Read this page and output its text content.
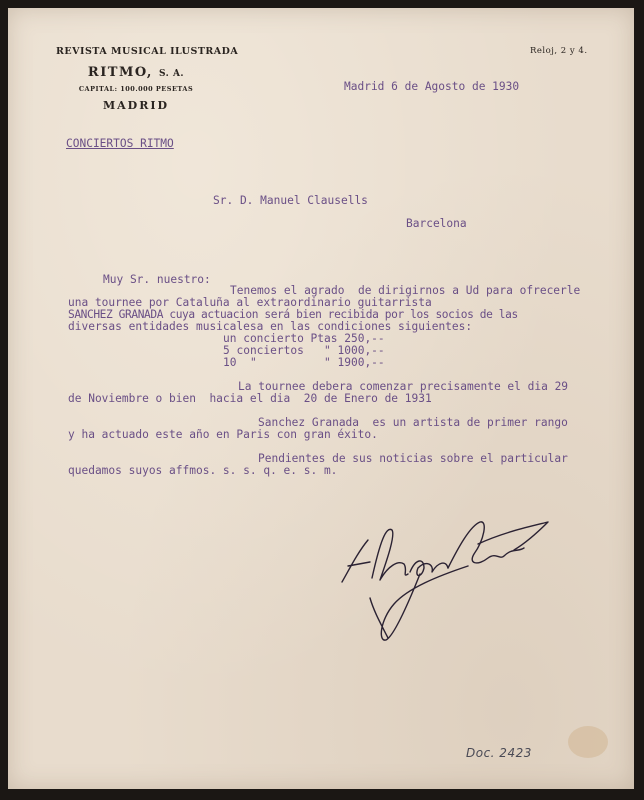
REVISTA MUSICAL ILUSTRADA
RITMO, S. A.
CAPITAL: 100.000 PESETAS
MADRID
Reloj, 2 y 4.
Madrid 6 de Agosto de 1930
CONCIERTOS RITMO
Sr. D. Manuel Clausells
Barcelona
Muy Sr. nuestro:
Tenemos el agrado  de dirigirnos a Ud para ofrecerle
una tournee por Cataluña al extraordinario guitarrista
SANCHEZ GRANADA cuya actuacion será bien recibida por los socios de las
diversas entidades musicalesa en las condiciones siguientes:
un concierto Ptas 250,--
5 conciertos   " 1000,--
10  "          " 1900,--
La tournee debera comenzar precisamente el dia 29
de Noviembre o bien  hacia el dia  20 de Enero de 1931
Sanchez Granada  es un artista de primer rango
y ha actuado este año en Paris con gran éxito.
Pendientes de sus noticias sobre el particular
quedamos suyos affmos. s. s. q. e. s. m.
Doc. 2423
